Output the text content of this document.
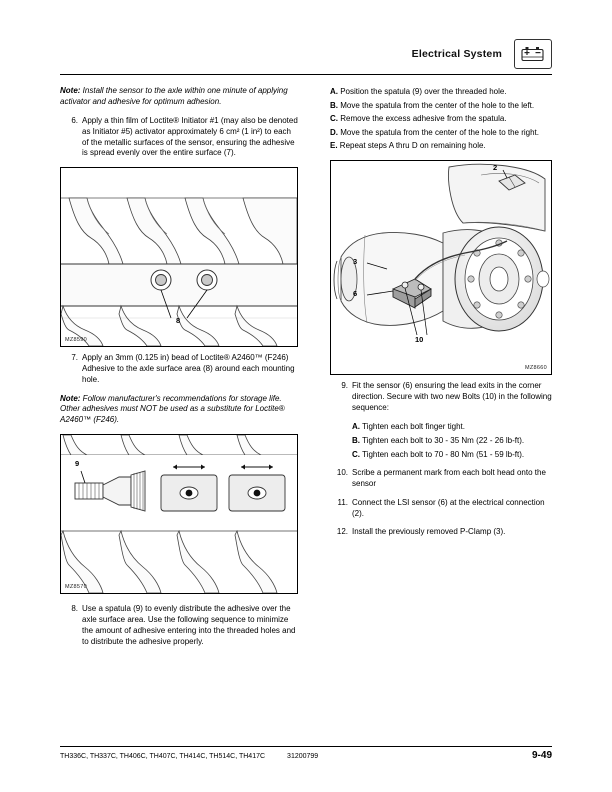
Electrical System
Note: Install the sensor to the axle within one minute of applying activator and adhesive for optimum adhesion.
6. Apply a thin film of Loctite® Initiator #1 (may also be denoted as Initiator #5) activator approximately 6 cm² (1 in²) to each of the metallic surfaces of the sensor, ensuring the adhesive is spread evenly over the entire surface (7).
8
MZ8590
7. Apply an 3mm (0.125 in) bead of Loctite® A2460™ (F246) Adhesive to the axle surface area (8) around each mounting hole.
Note: Follow manufacturer's recommendations for storage life. Other adhesives must NOT be used as a substitute for Loctite® A2460™ (F246).
9
MZ8570
8. Use a spatula (9) to evenly distribute the adhesive over the axle surface area. Use the following sequence to minimize the amount of adhesive entering into the threaded holes and to distribute the adhesive properly.
A. Position the spatula (9) over the threaded hole.
B. Move the spatula from the center of the hole to the left.
C. Remove the excess adhesive from the spatula.
D. Move the spatula from the center of the hole to the right.
E. Repeat steps A thru D on remaining hole.
2
3
6
10
MZ8660
9. Fit the sensor (6) ensuring the lead exits in the corner direction. Secure with two new Bolts (10) in the following sequence:
A. Tighten each bolt finger tight.
B. Tighten each bolt to 30 - 35 Nm (22 - 26 lb-ft).
C. Tighten each bolt to 70 - 80 Nm (51 - 59 lb-ft).
10. Scribe a permanent mark from each bolt head onto the sensor
11. Connect the LSI sensor (6) at the electrical connection (2).
12. Install the previously removed P-Clamp (3).
TH336C, TH337C, TH406C, TH407C, TH414C, TH514C, TH417C	31200799	9-49
